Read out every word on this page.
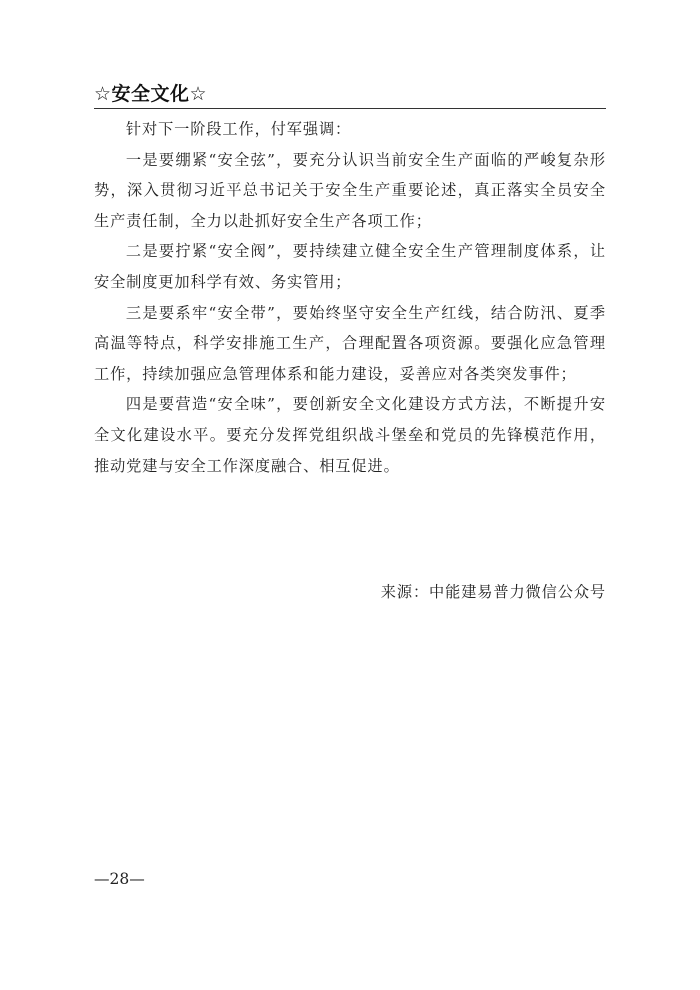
☆安全文化☆

针对下一阶段工作，付军强调：

一是要绷紧“安全弦”，要充分认识当前安全生产面临的严峻复杂形势，深入贯彻习近平总书记关于安全生产重要论述，真正落实全员安全生产责任制，全力以赴抓好安全生产各项工作；

二是要拧紧“安全阀”，要持续建立健全安全生产管理制度体系，让安全制度更加科学有效、务实管用；

三是要系牢“安全带”，要始终坚守安全生产红线，结合防汛、夏季高温等特点，科学安排施工生产，合理配置各项资源。要强化应急管理工作，持续加强应急管理体系和能力建设，妥善应对各类突发事件；

四是要营造“安全味”，要创新安全文化建设方式方法，不断提升安全文化建设水平。要充分发挥党组织战斗堡垒和党员的先锋模范作用，推动党建与安全工作深度融合、相互促进。

来源：中能建易普力微信公众号
—28—
